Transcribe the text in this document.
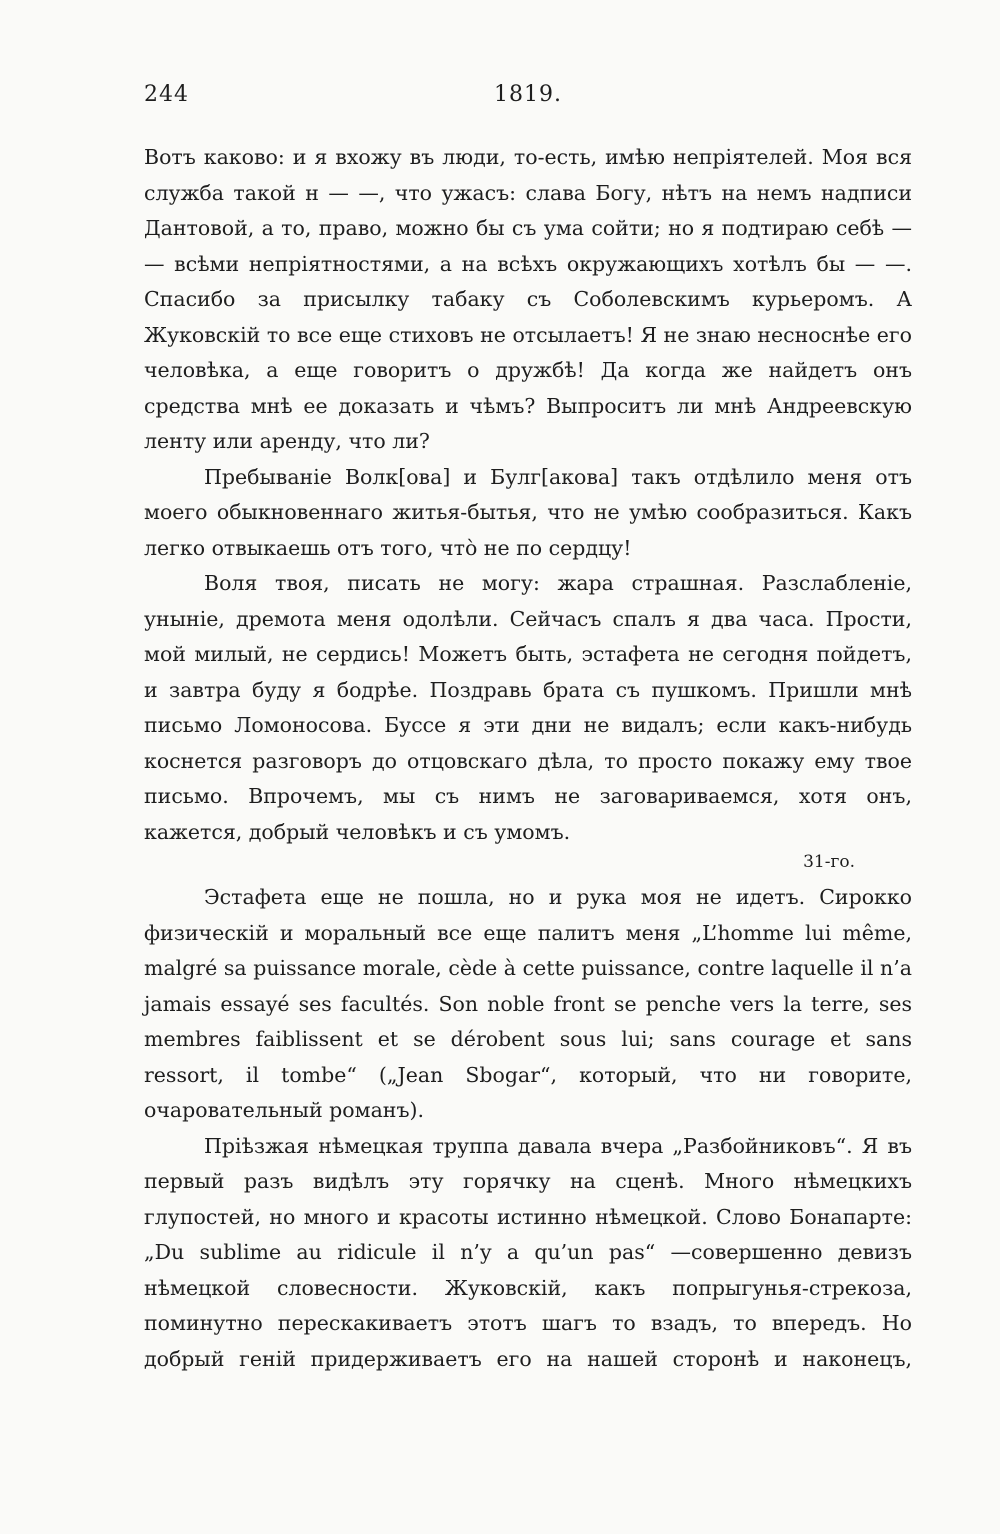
244	1819.

Вотъ каково: и я вхожу въ люди, то-есть, имѣю непріятелей. Моя вся служба такой н — —, что ужасъ: слава Богу, нѣтъ на немъ надписи Дантовой, а то, право, можно бы съ ума сойти; но я подтираю себѣ — — всѣми непріятностями, а на всѣхъ окружающихъ хотѣлъ бы — —. Спасибо за присылку табаку съ Соболевскимъ курьеромъ. А Жуковскій то все еще стиховъ не отсылаетъ! Я не знаю несноснѣе его человѣка, а еще говоритъ о дружбѣ! Да когда же найдетъ онъ средства мнѣ ее доказать и чѣмъ? Выпроситъ ли мнѣ Андреевскую ленту или аренду, что ли?

Пребываніе Волк[ова] и Булг[акова] такъ отдѣлило меня отъ моего обыкновеннаго житья-бытья, что не умѣю сообразиться. Какъ легко отвыкаешь отъ того, что̀ не по сердцу!

Воля твоя, писать не могу: жара страшная. Разслабленіе, уныніе, дремота меня одолѣли. Сейчасъ спалъ я два часа. Прости, мой милый, не сердись! Можетъ быть, эстафета не сегодня пойдетъ, и завтра буду я бодрѣе. Поздравь брата съ пушкомъ. Пришли мнѣ письмо Ломоносова. Буссе я эти дни не видалъ; если какъ-нибудь коснется разговоръ до отцовскаго дѣла, то просто покажу ему твое письмо. Впрочемъ, мы съ нимъ не заговариваемся, хотя онъ, кажется, добрый человѣкъ и съ умомъ.

31-го.

Эстафета еще не пошла, но и рука моя не идетъ. Сирокко физическій и моральный все еще палитъ меня „L’homme lui même, malgré sa puissance morale, cède à cette puissance, contre laquelle il n’a jamais essayé ses facultés. Son noble front se penche vers la terre, ses membres faiblissent et se dérobent sous lui; sans courage et sans ressort, il tombe“ („Jean Sbogar“, который, что ни говорите, очаровательный романъ).

Пріѣзжая нѣмецкая труппа давала вчера „Разбойниковъ“. Я въ первый разъ видѣлъ эту горячку на сценѣ. Много нѣмецкихъ глупостей, но много и красоты истинно нѣмецкой. Слово Бонапарте: „Du sublime au ridicule il n’y a qu’un pas“ —совершенно девизъ нѣмецкой словесности. Жуковскій, какъ попрыгунья-стрекоза, поминутно перескакиваетъ этотъ шагъ то взадъ, то впередъ. Но добрый геній придерживаетъ его на нашей сторонѣ и наконецъ,
